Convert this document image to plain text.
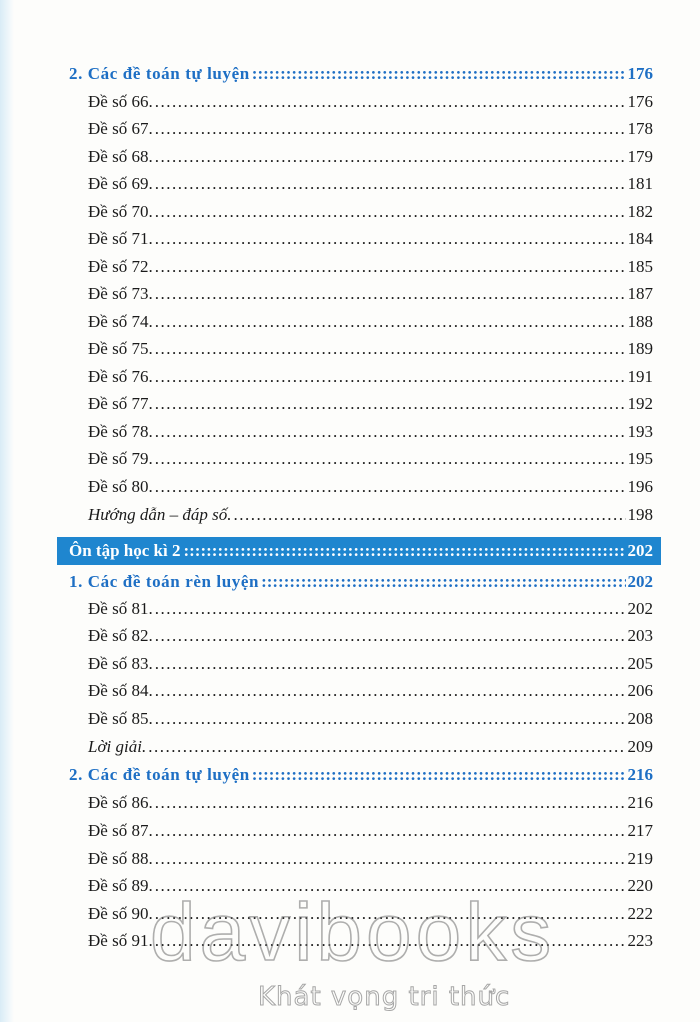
2. Các đề toán tự luyện :::::::::::::::::::::::::::::::::::::::::::::::::::::::::::::::::::::::::::::::::::::::::::::::::::::::::::::::::::::::::::::::::::::::::::::::::::::::::::::	176
Đề số 66. .....	176
Đề số 67. .....	178
Đề số 68. .....	179
Đề số 69. .....	181
Đề số 70. .....	182
Đề số 71. .....	184
Đề số 72. .....	185
Đề số 73. .....	187
Đề số 74. .....	188
Đề số 75. .....	189
Đề số 76. .....	191
Đề số 77. .....	192
Đề số 78. .....	193
Đề số 79. .....	195
Đề số 80. .....	196
Hướng dẫn – đáp số. .....	198
Ôn tập học kì 2 ::::::::::::::::::::::::::::::::::::::::::::::::::::::::::::::::::::::::::::::::::::::::::::::::::::::::::::::::::::::::::::::::::::::::::::::::::::::	202
1. Các đề toán rèn luyện :::::::::::::::::::::::::::::::::::::::::::::::::::::::::::::::::::::::::::::::::::::::::::::::::::::::::::::::::::::::::::::::::::::::::::::::::::::::::::::	202
Đề số 81. .....	202
Đề số 82. .....	203
Đề số 83. .....	205
Đề số 84. .....	206
Đề số 85. .....	208
Lời giải. .....	209
2. Các đề toán tự luyện :::::::::::::::::::::::::::::::::::::::::::::::::::::::::::::::::::::::::::::::::::::::::::::::::::::::::::::::::::::::::::::::::::::::::::::::::::::::::::::	216
Đề số 86. .....	216
Đề số 87. .....	217
Đề số 88. .....	219
Đề số 89. .....	220
Đề số 90. .....	222
Đề số 91. .....	223
davibooks
Khát vọng tri thức
